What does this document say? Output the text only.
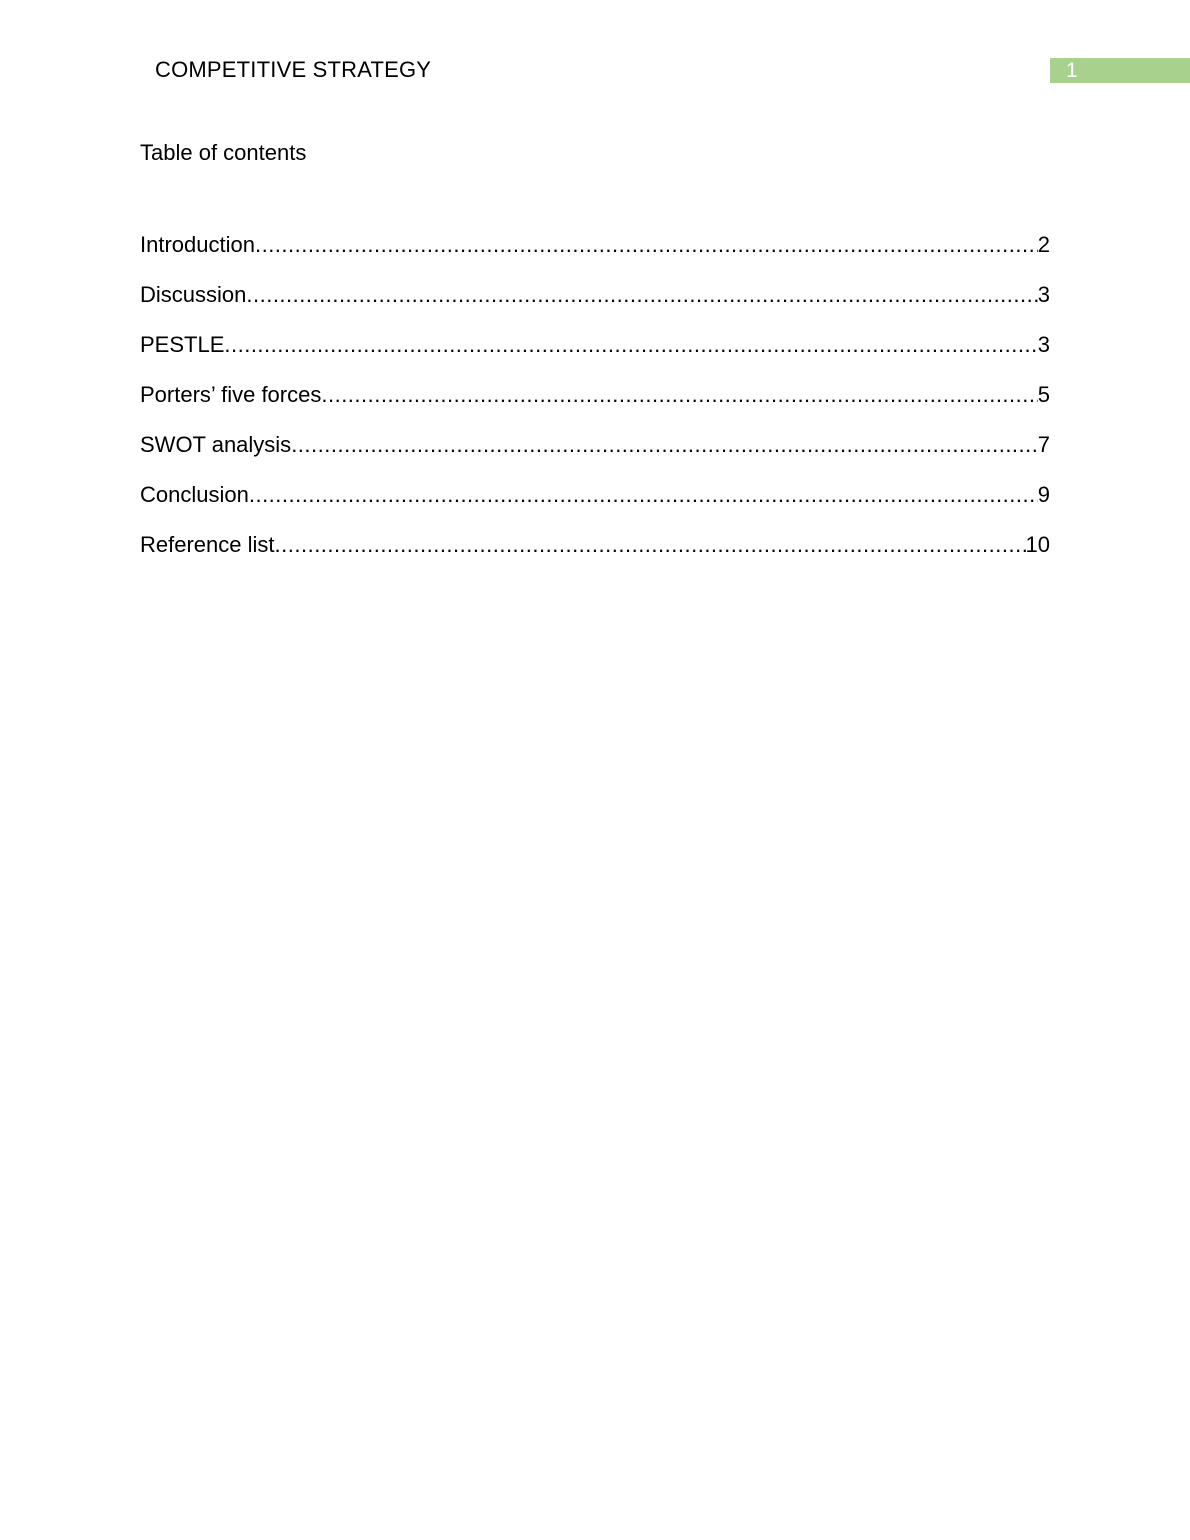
COMPETITIVE STRATEGY	1
Table of contents
Introduction .....	2
Discussion .....	3
PESTLE .....	3
Porters’ five forces .....	5
SWOT analysis .....	7
Conclusion .....	9
Reference list .....	10
